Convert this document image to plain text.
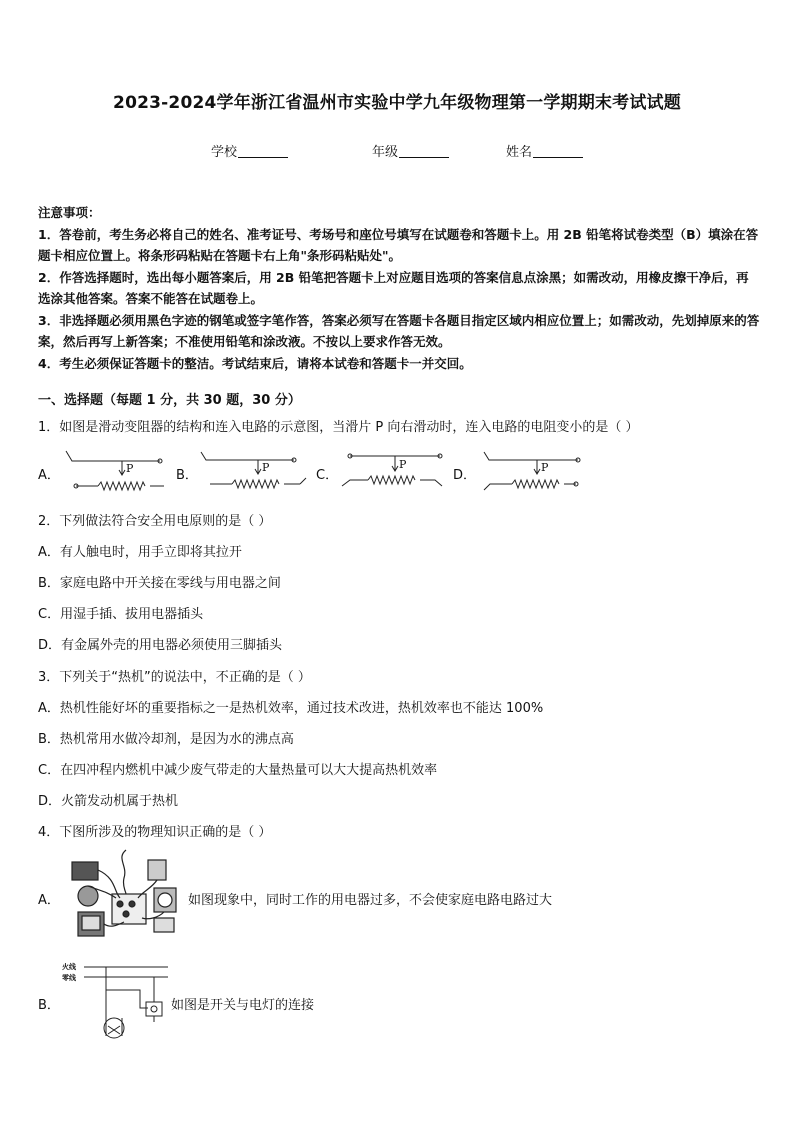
2023-2024学年浙江省温州市实验中学九年级物理第一学期期末考试试题
学校	年级	姓名

注意事项：

1．答卷前，考生务必将自己的姓名、准考证号、考场号和座位号填写在试题卷和答题卡上。用 2B 铅笔将试卷类型（B）填涂在答题卡相应位置上。将条形码粘贴在答题卡右上角"条形码粘贴处"。

2．作答选择题时，选出每小题答案后，用 2B 铅笔把答题卡上对应题目选项的答案信息点涂黑；如需改动，用橡皮擦干净后，再选涂其他答案。答案不能答在试题卷上。

3．非选择题必须用黑色字迹的钢笔或签字笔作答，答案必须写在答题卡各题目指定区域内相应位置上；如需改动，先划掉原来的答案，然后再写上新答案；不准使用铅笔和涂改液。不按以上要求作答无效。

4．考生必须保证答题卡的整洁。考试结束后，请将本试卷和答题卡一并交回。

一、选择题（每题 1 分，共 30 题，30 分）
1．如图是滑动变阻器的结构和连入电路的示意图，当滑片 P 向右滑动时，连入电路的电阻变小的是（ ）
A．	B．	C．	D．
P	P	P	P
2．下列做法符合安全用电原则的是（ ）
A．有人触电时，用手立即将其拉开
B．家庭电路中开关接在零线与用电器之间
C．用湿手插、拔用电器插头
D．有金属外壳的用电器必须使用三脚插头
3．下列关于“热机”的说法中，不正确的是（ ）
A．热机性能好坏的重要指标之一是热机效率，通过技术改进，热机效率也不能达 100%
B．热机常用水做冷却剂，是因为水的沸点高
C．在四冲程内燃机中减少废气带走的大量热量可以大大提高热机效率
D．火箭发动机属于热机
4．下图所涉及的物理知识正确的是（ ）
A．	如图现象中，同时工作的用电器过多，不会使家庭电路电路过大
B．
火线
零线
如图是开关与电灯的连接
